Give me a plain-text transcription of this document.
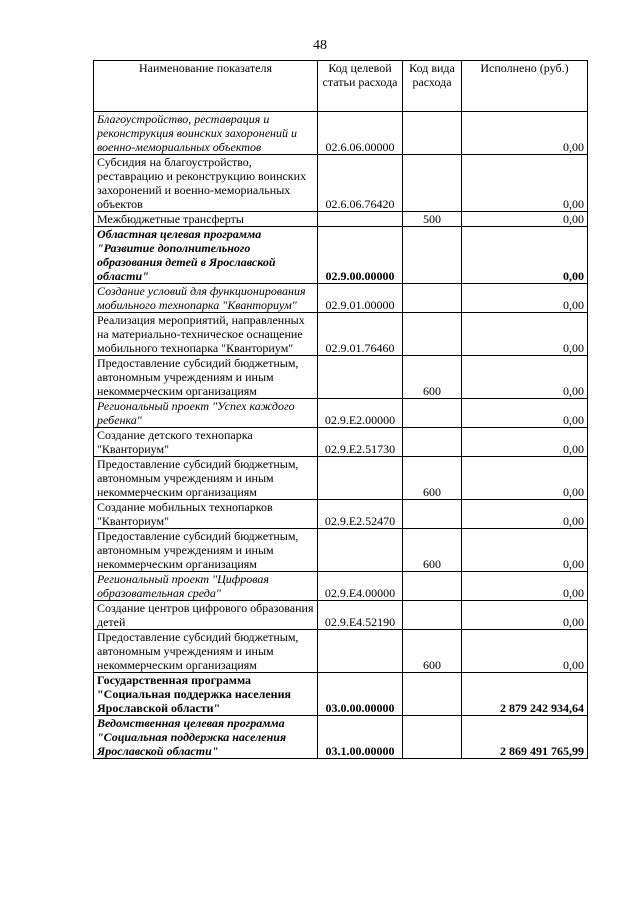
48
Наименование показателя	Код целевой статьи расхода	Код вида расхода	Исполнено (руб.)
Благоустройство, реставрация и реконструкция воинских захоронений и военно-мемориальных объектов	02.6.06.00000		0,00
Субсидия на благоустройство, реставрацию и реконструкцию воинских захоронений и военно-мемориальных объектов	02.6.06.76420		0,00
Межбюджетные трансферты		500	0,00
Областная целевая программа "Развитие дополнительного образования детей в Ярославской области"	02.9.00.00000		0,00
Создание условий для функционирования мобильного технопарка "Кванториум"	02.9.01.00000		0,00
Реализация мероприятий, направленных на материально-техническое оснащение мобильного технопарка "Кванториум"	02.9.01.76460		0,00
Предоставление субсидий бюджетным, автономным учреждениям и иным некоммерческим организациям		600	0,00
Региональный проект "Успех каждого ребенка"	02.9.E2.00000		0,00
Создание детского технопарка "Кванториум"	02.9.E2.51730		0,00
Предоставление субсидий бюджетным, автономным учреждениям и иным некоммерческим организациям		600	0,00
Создание мобильных технопарков "Кванториум"	02.9.E2.52470		0,00
Предоставление субсидий бюджетным, автономным учреждениям и иным некоммерческим организациям		600	0,00
Региональный проект "Цифровая образовательная среда"	02.9.E4.00000		0,00
Создание центров цифрового образования детей	02.9.E4.52190		0,00
Предоставление субсидий бюджетным, автономным учреждениям и иным некоммерческим организациям		600	0,00
Государственная программа "Социальная поддержка населения Ярославской области"	03.0.00.00000		2 879 242 934,64
Ведомственная целевая программа "Социальная поддержка населения Ярославской области"	03.1.00.00000		2 869 491 765,99
